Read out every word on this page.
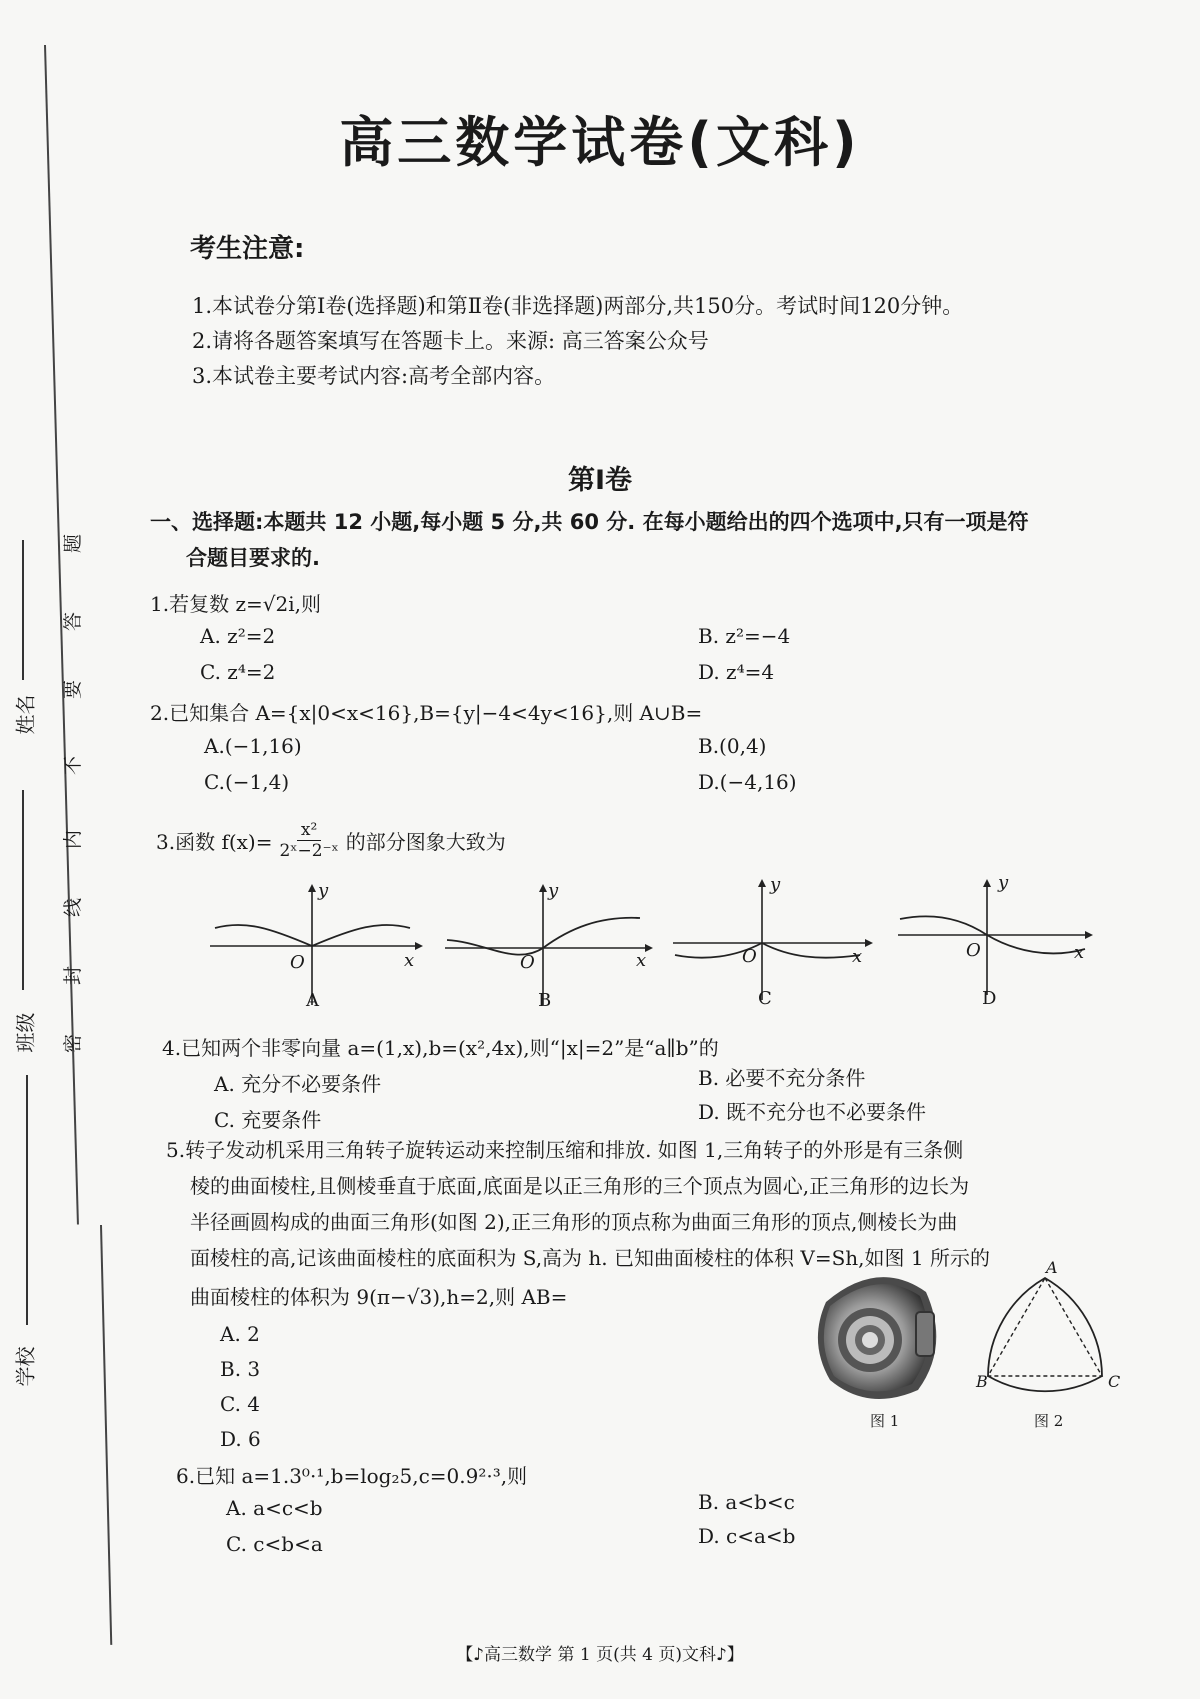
姓名
班级
学校
题
答
要
不
内
线
封
密
高三数学试卷(文科)
考生注意:
1.本试卷分第Ⅰ卷(选择题)和第Ⅱ卷(非选择题)两部分,共150分。考试时间120分钟。
2.请将各题答案填写在答题卡上。来源: 高三答案公众号
3.本试卷主要考试内容:高考全部内容。
第Ⅰ卷
一、选择题:本题共 12 小题,每小题 5 分,共 60 分. 在每小题给出的四个选项中,只有一项是符
合题目要求的.
1.若复数 z=√2i,则
A. z²=2	B. z²=−4
C. z⁴=2	D. z⁴=4
2.已知集合 A={x|0<x<16},B={y|−4<4y<16},则 A∪B=
A.(−1,16)	B.(0,4)
C.(−1,4)	D.(−4,16)
3.函数 $f(x)= \frac{\text{x²}}{\text{2ˣ−2⁻ˣ}}$ 的部分图象大致为
y
O	x
A
y
O	x
B
y
O	x
C
y
O	x
D
4.已知两个非零向量 a=(1,x),b=(x²,4x),则“|x|=2”是“a∥b”的
A. 充分不必要条件	B. 必要不充分条件
C. 充要条件	D. 既不充分也不必要条件
5.转子发动机采用三角转子旋转运动来控制压缩和排放. 如图 1,三角转子的外形是有三条侧
棱的曲面棱柱,且侧棱垂直于底面,底面是以正三角形的三个顶点为圆心,正三角形的边长为
半径画圆构成的曲面三角形(如图 2),正三角形的顶点称为曲面三角形的顶点,侧棱长为曲
面棱柱的高,记该曲面棱柱的底面积为 S,高为 h. 已知曲面棱柱的体积 V=Sh,如图 1 所示的
曲面棱柱的体积为 9(π−√3),h=2,则 AB=
A. 2
B. 3
C. 4
D. 6
图 1
A
B	C
图 2
6.已知 a=1.3⁰·¹,b=log₂5,c=0.9²·³,则
A. a<c<b	B. a<b<c
C. c<b<a	D. c<a<b
【♪高三数学 第 1 页(共 4 页)文科♪】
